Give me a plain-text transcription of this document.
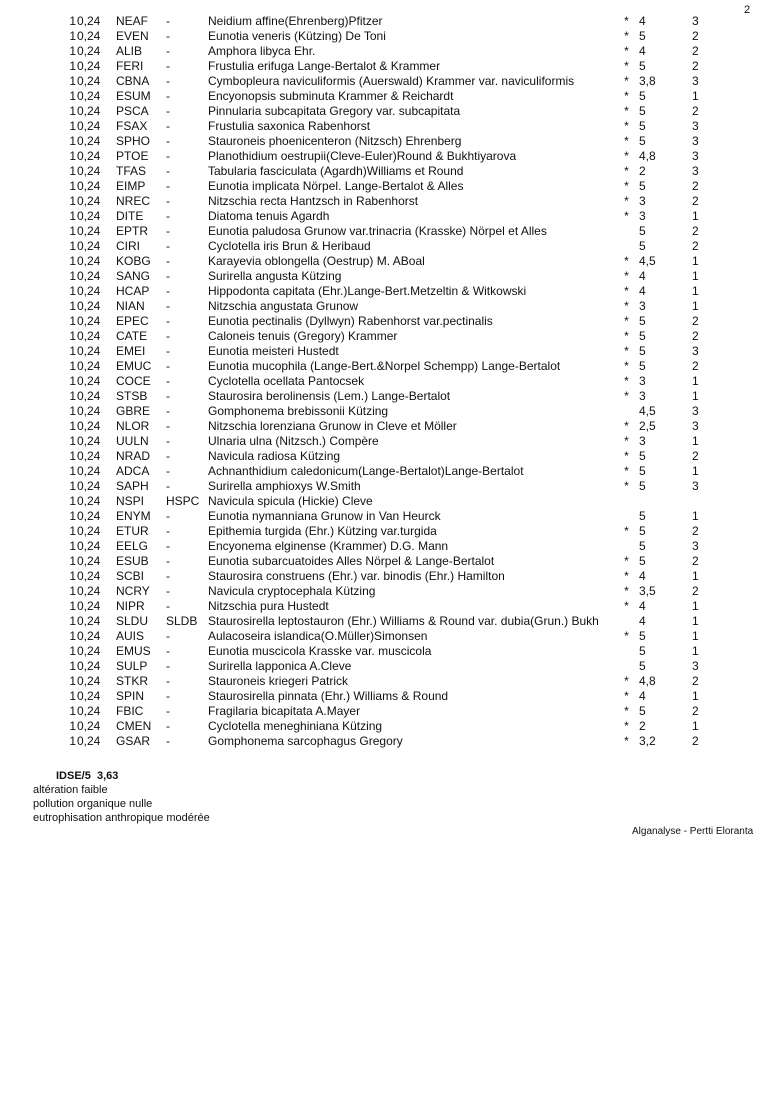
2
1	0,24	NEAF	-	Neidium affine(Ehrenberg)Pfitzer	*	4	3
1	0,24	EVEN	-	Eunotia veneris (Kützing) De Toni	*	5	2
1	0,24	ALIB	-	Amphora libyca Ehr.	*	4	2
1	0,24	FERI	-	Frustulia erifuga Lange-Bertalot & Krammer	*	5	2
1	0,24	CBNA	-	Cymbopleura naviculiformis (Auerswald) Krammer var. naviculiformis	*	3,8	3
1	0,24	ESUM	-	Encyonopsis subminuta Krammer & Reichardt	*	5	1
1	0,24	PSCA	-	Pinnularia subcapitata Gregory var. subcapitata	*	5	2
1	0,24	FSAX	-	Frustulia saxonica Rabenhorst	*	5	3
1	0,24	SPHO	-	Stauroneis phoenicenteron (Nitzsch) Ehrenberg	*	5	3
1	0,24	PTOE	-	Planothidium oestrupii(Cleve-Euler)Round & Bukhtiyarova	*	4,8	3
1	0,24	TFAS	-	Tabularia fasciculata (Agardh)Williams et Round	*	2	3
1	0,24	EIMP	-	Eunotia implicata Nörpel. Lange-Bertalot & Alles	*	5	2
1	0,24	NREC	-	Nitzschia recta Hantzsch in Rabenhorst	*	3	2
1	0,24	DITE	-	Diatoma tenuis Agardh	*	3	1
1	0,24	EPTR	-	Eunotia paludosa Grunow var.trinacria (Krasske) Nörpel et Alles		5	2
1	0,24	CIRI	-	Cyclotella iris Brun & Heribaud		5	2
1	0,24	KOBG	-	Karayevia oblongella (Oestrup) M. ABoal	*	4,5	1
1	0,24	SANG	-	Surirella angusta Kützing	*	4	1
1	0,24	HCAP	-	Hippodonta capitata (Ehr.)Lange-Bert.Metzeltin & Witkowski	*	4	1
1	0,24	NIAN	-	Nitzschia angustata Grunow	*	3	1
1	0,24	EPEC	-	Eunotia pectinalis (Dyllwyn) Rabenhorst var.pectinalis	*	5	2
1	0,24	CATE	-	Caloneis tenuis (Gregory) Krammer	*	5	2
1	0,24	EMEI	-	Eunotia meisteri Hustedt	*	5	3
1	0,24	EMUC	-	Eunotia mucophila (Lange-Bert.&Norpel Schempp) Lange-Bertalot	*	5	2
1	0,24	COCE	-	Cyclotella ocellata Pantocsek	*	3	1
1	0,24	STSB	-	Staurosira berolinensis (Lem.) Lange-Bertalot	*	3	1
1	0,24	GBRE	-	Gomphonema brebissonii Kützing		4,5	3
1	0,24	NLOR	-	Nitzschia lorenziana Grunow in Cleve et Möller	*	2,5	3
1	0,24	UULN	-	Ulnaria ulna (Nitzsch.) Compère	*	3	1
1	0,24	NRAD	-	Navicula radiosa Kützing	*	5	2
1	0,24	ADCA	-	Achnanthidium caledonicum(Lange-Bertalot)Lange-Bertalot	*	5	1
1	0,24	SAPH	-	Surirella amphioxys W.Smith	*	5	3
1	0,24	NSPI	HSPC	Navicula spicula (Hickie) Cleve			
1	0,24	ENYM	-	Eunotia nymanniana Grunow in Van Heurck		5	1
1	0,24	ETUR	-	Epithemia turgida (Ehr.) Kützing var.turgida	*	5	2
1	0,24	EELG	-	Encyonema elginense (Krammer) D.G. Mann		5	3
1	0,24	ESUB	-	Eunotia subarcuatoides Alles Nörpel & Lange-Bertalot	*	5	2
1	0,24	SCBI	-	Staurosira construens (Ehr.) var. binodis (Ehr.) Hamilton	*	4	1
1	0,24	NCRY	-	Navicula cryptocephala Kützing	*	3,5	2
1	0,24	NIPR	-	Nitzschia pura Hustedt	*	4	1
1	0,24	SLDU	SLDB	Staurosirella leptostauron (Ehr.) Williams & Round var. dubia(Grun.) Bukh		4	1
1	0,24	AUIS	-	Aulacoseira islandica(O.Müller)Simonsen	*	5	1
1	0,24	EMUS	-	Eunotia muscicola Krasske var. muscicola		5	1
1	0,24	SULP	-	Surirella lapponica A.Cleve		5	3
1	0,24	STKR	-	Stauroneis kriegeri Patrick	*	4,8	2
1	0,24	SPIN	-	Staurosirella pinnata (Ehr.) Williams & Round	*	4	1
1	0,24	FBIC	-	Fragilaria bicapitata A.Mayer	*	5	2
1	0,24	CMEN	-	Cyclotella meneghiniana Kützing	*	2	1
1	0,24	GSAR	-	Gomphonema sarcophagus Gregory	*	3,2	2
IDSE/5 3,63
altération faible
pollution organique nulle
eutrophisation anthropique modérée
Alganalyse - Pertti Eloranta
